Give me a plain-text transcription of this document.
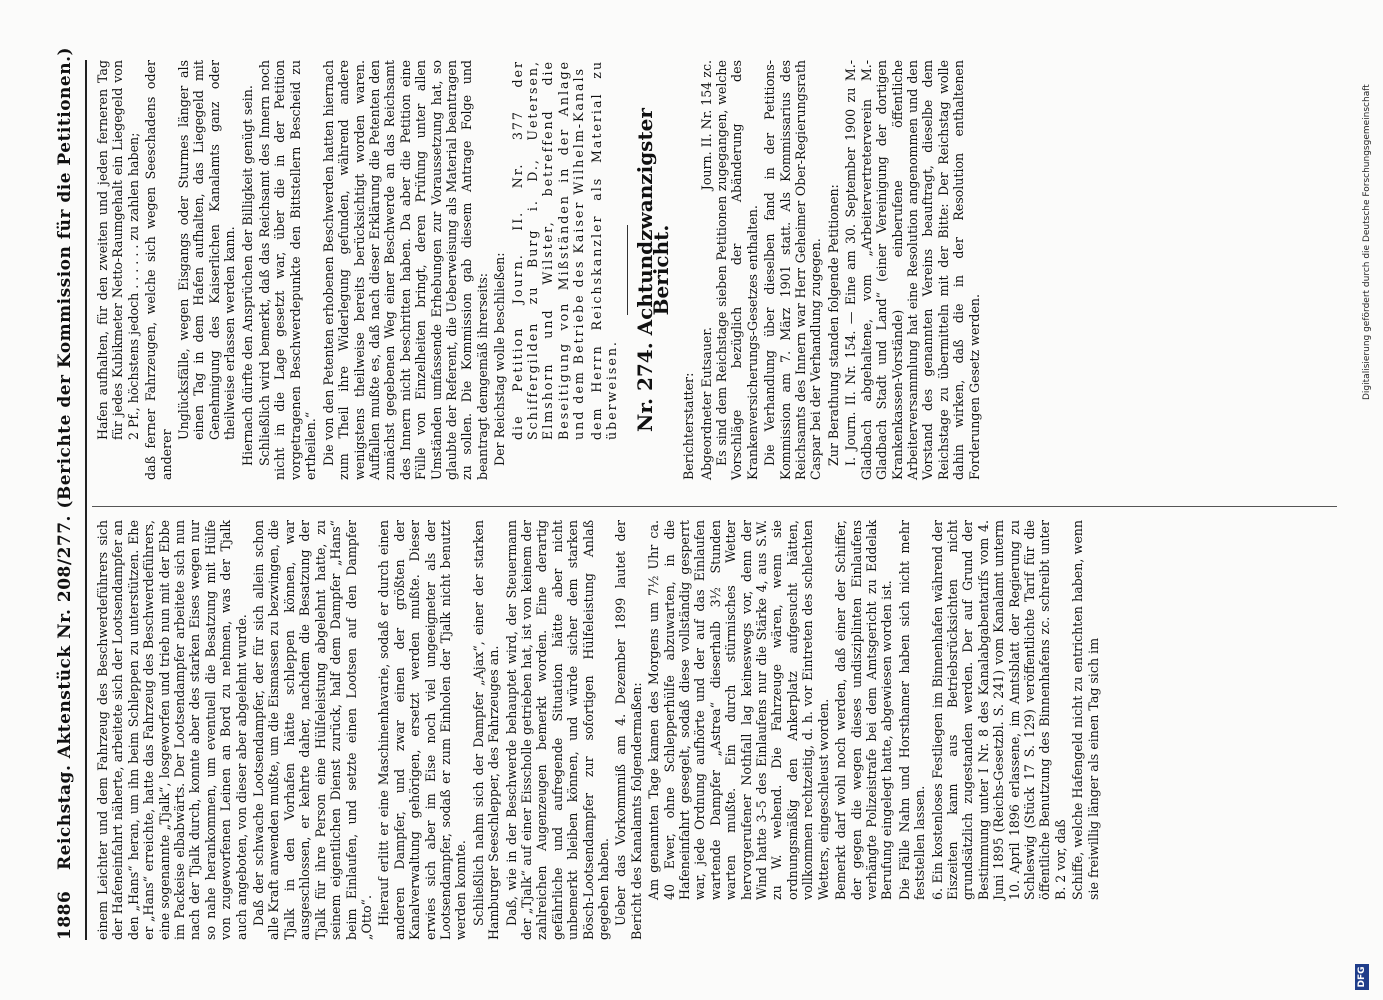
1886
Reichstag. Aktenstück Nr. 208/277. (Berichte der Kommission für die Petitionen.) einem Leichter und dem Fahrzeug des Beschwerdeführers sich der Hafeneinfahrt näherte, arbeitete sich der Lootsendampfer an den „Hans“ heran, um ihn beim Schleppen zu unterstützen. Ehe er „Hans“ erreichte, hatte das Fahrzeug des Beschwerdeführers, eine sogenannte „Tjalk“, losgeworfen und trieb nun mit der Ebbe im Packeise elbabwärts. Der Lootsendampfer arbeitete sich nun nach der Tjalk durch, konnte aber des starken Eises wegen nur so nahe herankommen, um eventuell die Besatzung mit Hülfe von zugeworfenen Leinen an Bord zu nehmen, was der Tjalk auch angeboten, von dieser aber abgelehnt wurde. Daß der schwache Lootsendampfer, der für sich allein schon alle Kraft anwenden mußte, um die Eismassen zu bezwingen, die Tjalk in den Vorhafen hätte schleppen können, war ausgeschlossen, er kehrte daher, nachdem die Besatzung der Tjalk für ihre Person eine Hülfeleistung abgelehnt hatte, zu seinem eigentlichen Dienst zurück, half dem Dampfer „Hans“ beim Einlaufen, und setzte einen Lootsen auf den Dampfer „Otto“. Hierauf erlitt er eine Maschinenhavarie, sodaß er durch einen anderen Dampfer, und zwar einen der größten der Kanalverwaltung gehörigen, ersetzt werden mußte. Dieser erwies sich aber im Eise noch viel ungeeigneter als der Lootsendampfer, sodaß er zum Einholen der Tjalk nicht benutzt werden konnte. Schließlich nahm sich der Dampfer „Ajax“, einer der starken Hamburger Seeschlepper, des Fahrzeuges an. Daß, wie in der Beschwerde behauptet wird, der Steuermann der „Tjalk“ auf einer Eisscholle getrieben hat, ist von keinem der zahlreichen Augenzeugen bemerkt worden. Eine derartig gefährliche und aufregende Situation hätte aber nicht unbemerkt bleiben können, und würde sicher dem starken Bösch-Lootsendampfer zur sofortigen Hülfeleistung Anlaß gegeben haben. Ueber das Vorkommniß am 4. Dezember 1899 lautet der Bericht des Kanalamts folgendermaßen: Am genannten Tage kamen des Morgens um 7½ Uhr ca. 40 Ewer, ohne Schlepperhülfe abzuwarten, in die Hafeneinfahrt gesegelt, sodaß diese vollständig gesperrt war, jede Ordnung aufhörte und der auf das Einlaufen wartende Dampfer „Astrea“ dieserhalb 3½ Stunden warten mußte. Ein durch stürmisches Wetter hervorgerufener Nothfall lag keineswegs vor, denn der Wind hatte 3–5 des Einlaufens nur die Stärke 4, aus S.W. zu W. wehend. Die Fahrzeuge wären, wenn sie ordnungsmäßig den Ankerplatz aufgesucht hätten, vollkommen rechtzeitig, d. h. vor Eintreten des schlechten Wetters, eingeschleust worden. Bemerkt darf wohl noch werden, daß einer der Schiffer, der gegen die wegen dieses undisziplinten Einlaufens verhängte Polizeistrafe bei dem Amtsgericht zu Eddelak Berufung eingelegt hatte, abgewiesen worden ist. Die Fälle Nahn und Horsthamer haben sich nicht mehr feststellen lassen. 6. Ein kostenloses Festliegen im Binnenhafen während der Eiszeiten kann aus Betriebsrücksichten nicht grundsätzlich zugestanden werden. Der auf Grund der Bestimmung unter I Nr. 8 des Kanalabgabentarifs vom 4. Juni 1895 (Reichs-Gesetzbl. S. 241) vom Kanalamt unterm 10. April 1896 erlassene, im Amtsblatt der Regierung zu Schleswig (Stück 17 S. 129) veröffentlichte Tarif für die öffentliche Benutzung des Binnenhafens zc. schreibt unter B. 2 vor, daß Schiffe, welche Hafengeld nicht zu entrichten haben, wenn sie freiwillig länger als einen Tag sich im

Hafen aufhalten, für den zweiten und jeden ferneren Tag für jedes Kubikmeter Netto-Raumgehalt ein Liegegeld von 2 Pf., höchstens jedoch . . . . . . zu zahlen haben; daß ferner Fahrzeugen, welche sich wegen Seeschadens oder anderer

Unglücksfälle, wegen Eisgangs oder Sturmes länger als einen Tag in dem Hafen aufhalten, das Liegegeld mit Genehmigung des Kaiserlichen Kanalamts ganz oder theilweise erlassen werden kann. Hiernach dürfte den Ansprüchen der Billigkeit genügt sein. Schließlich wird bemerkt, daß das Reichsamt des Innern noch nicht in die Lage gesetzt war, über die in der Petition vorgetragenen Beschwerdepunkte den Bittstellern Bescheid zu ertheilen.“ Die von den Petenten erhobenen Beschwerden hatten hiernach zum Theil ihre Widerlegung gefunden, während andere wenigstens theilweise bereits berücksichtigt worden waren. Auffallen mußte es, daß nach dieser Erklärung die Petenten den zunächst gegebenen Weg einer Beschwerde an das Reichsamt des Innern nicht beschritten haben. Da aber die Petition eine Fülle von Einzelheiten bringt, deren Prüfung unter allen Umständen umfassende Erhebungen zur Voraussetzung hat, so glaubte der Referent, die Ueberweisung als Material beantragen zu sollen. Die Kommission gab diesem Antrage Folge und beantragt demgemäß ihrerseits: Der Reichstag wolle beschließen: die Petition Journ. II. Nr. 377 der Schiffergilden zu Burg i. D., Uetersen, Elmshorn und Wilster, betreffend die Beseitigung von Mißständen in der Anlage und dem Betriebe des Kaiser Wilhelm-Kanals dem Herrn Reichskanzler als Material zu überweisen. Nr. 274. Achtundzwanzigster Bericht.

Berichterstatter: Abgeordneter Eutsauer.
Journ. II. Nr. 154 zc. Es sind dem Reichstage sieben Petitionen zugegangen, welche Vorschläge bezüglich der Abänderung des Krankenversicherungs-Gesetzes enthalten. Die Verhandlung über dieselben fand in der Petitions-Kommission am 7. März 1901 statt. Als Kommissarius des Reichsamts des Innern war Herr Geheimer Ober-Regierungsrath Caspar bei der Verhandlung zugegen. Zur Berathung standen folgende Petitionen: I. Journ. II. Nr. 154. — Eine am 30. September 1900 zu M.-Gladbach abgehaltene, vom „Arbeitervertreterverein M.-Gladbach Stadt und Land“ (einer Vereinigung der dortigen Krankenkassen-Vorstände) einberufene öffentliche Arbeiterversammlung hat eine Resolution angenommen und den Vorstand des genannten Vereins beauftragt, dieselbe dem Reichstage zu übermitteln mit der Bitte: Der Reichstag wolle dahin wirken, daß die in der Resolution enthaltenen Forderungen Gesetz werden.

DFG
Digitalisierung gefördert durch die Deutsche Forschungsgemeinschaft
